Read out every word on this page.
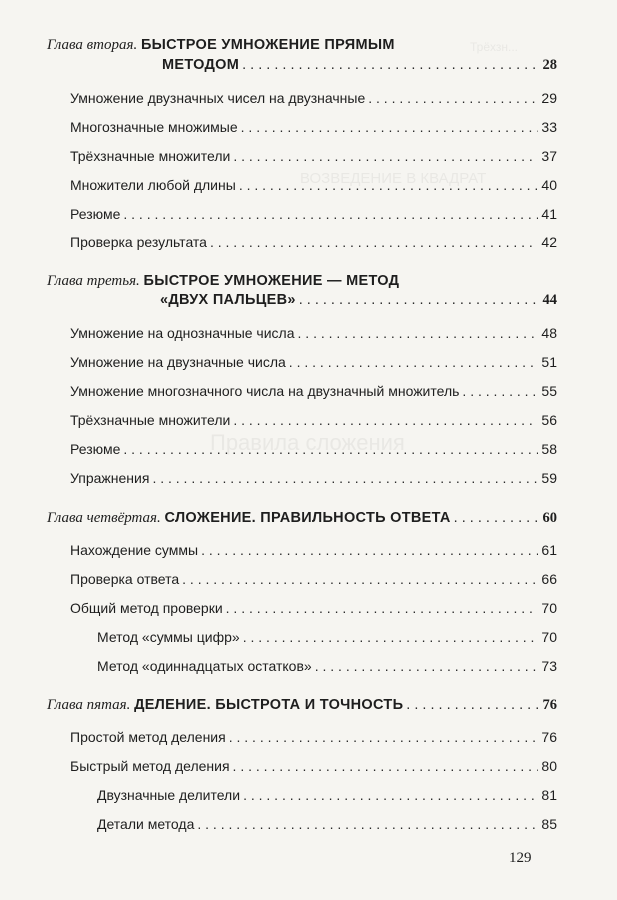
Трёхзн...
ВОЗВЕДЕНИЕ В КВАДРАТ
Правила сложения
Глава вторая. БЫСТРОЕ УМНОЖЕНИЕ ПРЯМЫМ
МЕТОДОМ . . .	28
Умножение двузначных чисел на двузначные . . .	29
Многозначные множимые . . .	33
Трёхзначные множители . . .	37
Множители любой длины . . .	40
Резюме . . .	41
Проверка результата . . .	42
Глава третья. БЫСТРОЕ УМНОЖЕНИЕ — МЕТОД
«ДВУХ ПАЛЬЦЕВ» . . .	44
Умножение на однозначные числа . . .	48
Умножение на двузначные числа . . .	51
Умножение многозначного числа на двузначный множитель . . .	55
Трёхзначные множители . . .	56
Резюме . . .	58
Упражнения . . .	59
Глава четвёртая. СЛОЖЕНИЕ. ПРАВИЛЬНОСТЬ ОТВЕТА . . .	60
Нахождение суммы . . .	61
Проверка ответа . . .	66
Общий метод проверки . . .	70
Метод «суммы цифр» . . .	70
Метод «одиннадцатых остатков» . . .	73
Глава пятая. ДЕЛЕНИЕ. БЫСТРОТА И ТОЧНОСТЬ . . .	76
Простой метод деления . . .	76
Быстрый метод деления . . .	80
Двузначные делители . . .	81
Детали метода . . .	85
129
